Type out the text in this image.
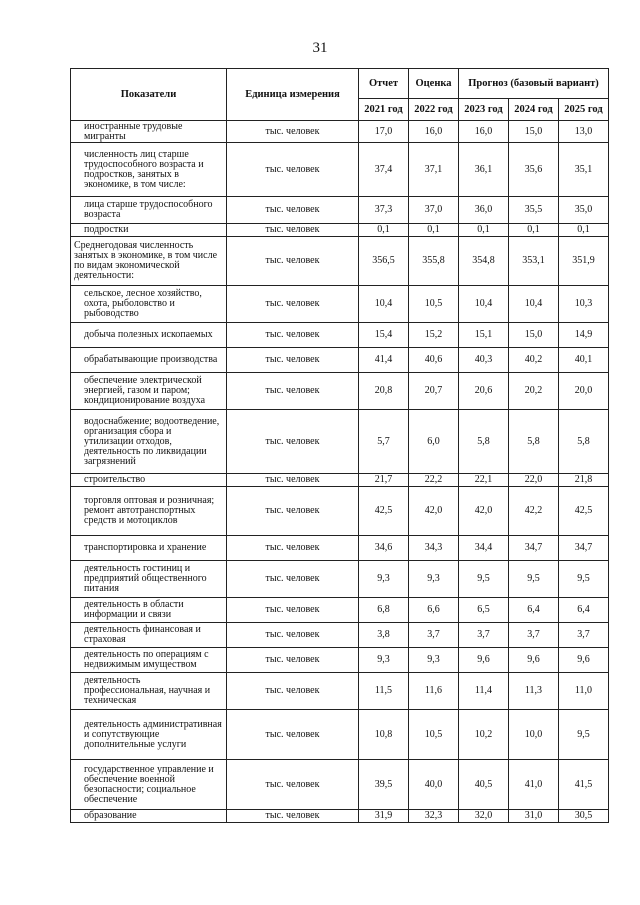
31
Показатели	Единица измерения	Отчет	Оценка	Прогноз (базовый вариант)		
		2021 год	2022 год	2023 год	2024 год	2025 год
иностранные трудовые мигранты	тыс. человек	17,0	16,0	16,0	15,0	13,0
численность лиц старше трудоспособного возраста и подростков, занятых в экономике, в том числе:	тыс. человек	37,4	37,1	36,1	35,6	35,1
лица старше трудоспособного возраста	тыс. человек	37,3	37,0	36,0	35,5	35,0
подростки	тыс. человек	0,1	0,1	0,1	0,1	0,1
Среднегодовая численность занятых в экономике, в том числе по видам экономической деятельности:	тыс. человек	356,5	355,8	354,8	353,1	351,9
сельское, лесное хозяйство, охота, рыболовство и рыбоводство	тыс. человек	10,4	10,5	10,4	10,4	10,3
добыча полезных ископаемых	тыс. человек	15,4	15,2	15,1	15,0	14,9
обрабатывающие производства	тыс. человек	41,4	40,6	40,3	40,2	40,1
обеспечение электрической энергией, газом и паром; кондиционирование воздуха	тыс. человек	20,8	20,7	20,6	20,2	20,0
водоснабжение; водоотведение, организация сбора и утилизации отходов, деятельность по ликвидации загрязнений	тыс. человек	5,7	6,0	5,8	5,8	5,8
строительство	тыс. человек	21,7	22,2	22,1	22,0	21,8
торговля оптовая и розничная; ремонт автотранспортных средств и мотоциклов	тыс. человек	42,5	42,0	42,0	42,2	42,5
транспортировка и хранение	тыс. человек	34,6	34,3	34,4	34,7	34,7
деятельность гостиниц и предприятий общественного питания	тыс. человек	9,3	9,3	9,5	9,5	9,5
деятельность в области информации и связи	тыс. человек	6,8	6,6	6,5	6,4	6,4
деятельность финансовая и страховая	тыс. человек	3,8	3,7	3,7	3,7	3,7
деятельность по операциям с недвижимым имуществом	тыс. человек	9,3	9,3	9,6	9,6	9,6
деятельность профессиональная, научная и техническая	тыс. человек	11,5	11,6	11,4	11,3	11,0
деятельность административная и сопутствующие дополнительные услуги	тыс. человек	10,8	10,5	10,2	10,0	9,5
государственное управление и обеспечение военной безопасности; социальное обеспечение	тыс. человек	39,5	40,0	40,5	41,0	41,5
образование	тыс. человек	31,9	32,3	32,0	31,0	30,5
